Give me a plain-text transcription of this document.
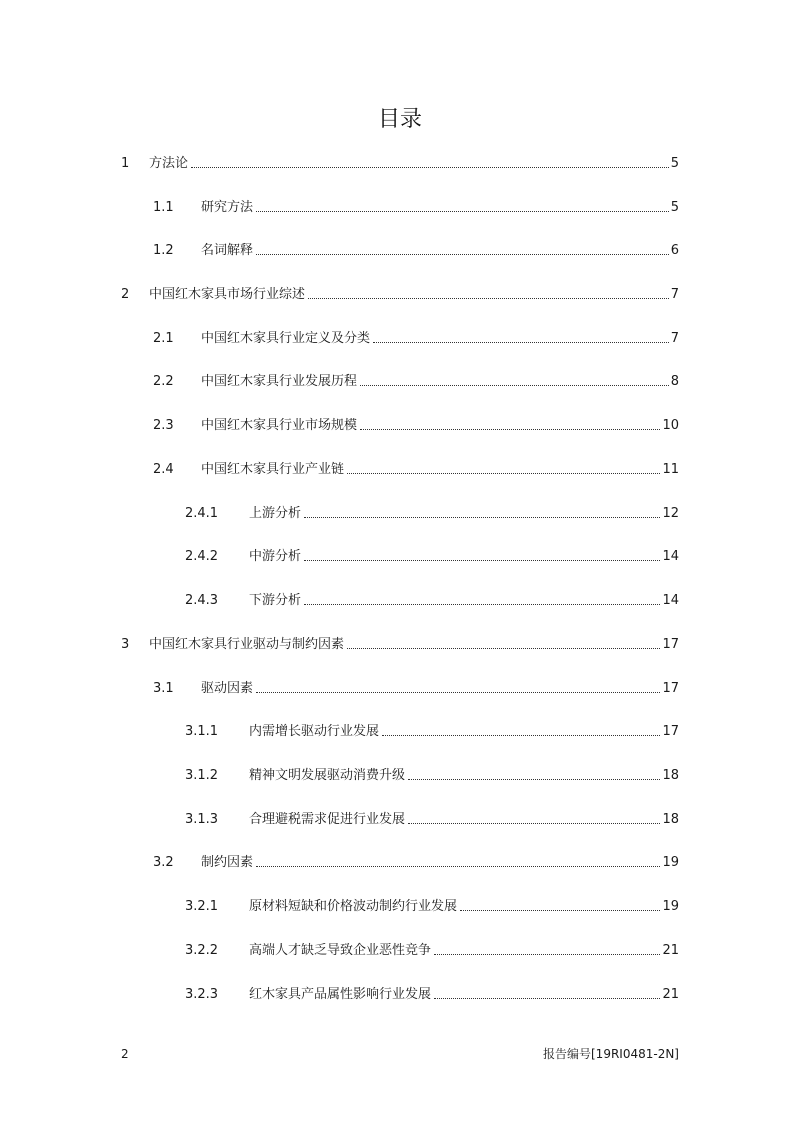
目录
1	方法论	5
1.1	研究方法	5
1.2	名词解释	6
2	中国红木家具市场行业综述	7
2.1	中国红木家具行业定义及分类	7
2.2	中国红木家具行业发展历程	8
2.3	中国红木家具行业市场规模	10
2.4	中国红木家具行业产业链	11
2.4.1	上游分析	12
2.4.2	中游分析	14
2.4.3	下游分析	14
3	中国红木家具行业驱动与制约因素	17
3.1	驱动因素	17
3.1.1	内需增长驱动行业发展	17
3.1.2	精神文明发展驱动消费升级	18
3.1.3	合理避税需求促进行业发展	18
3.2	制约因素	19
3.2.1	原材料短缺和价格波动制约行业发展	19
3.2.2	高端人才缺乏导致企业恶性竞争	21
3.2.3	红木家具产品属性影响行业发展	21
2	报告编号[19RI0481-2N]
